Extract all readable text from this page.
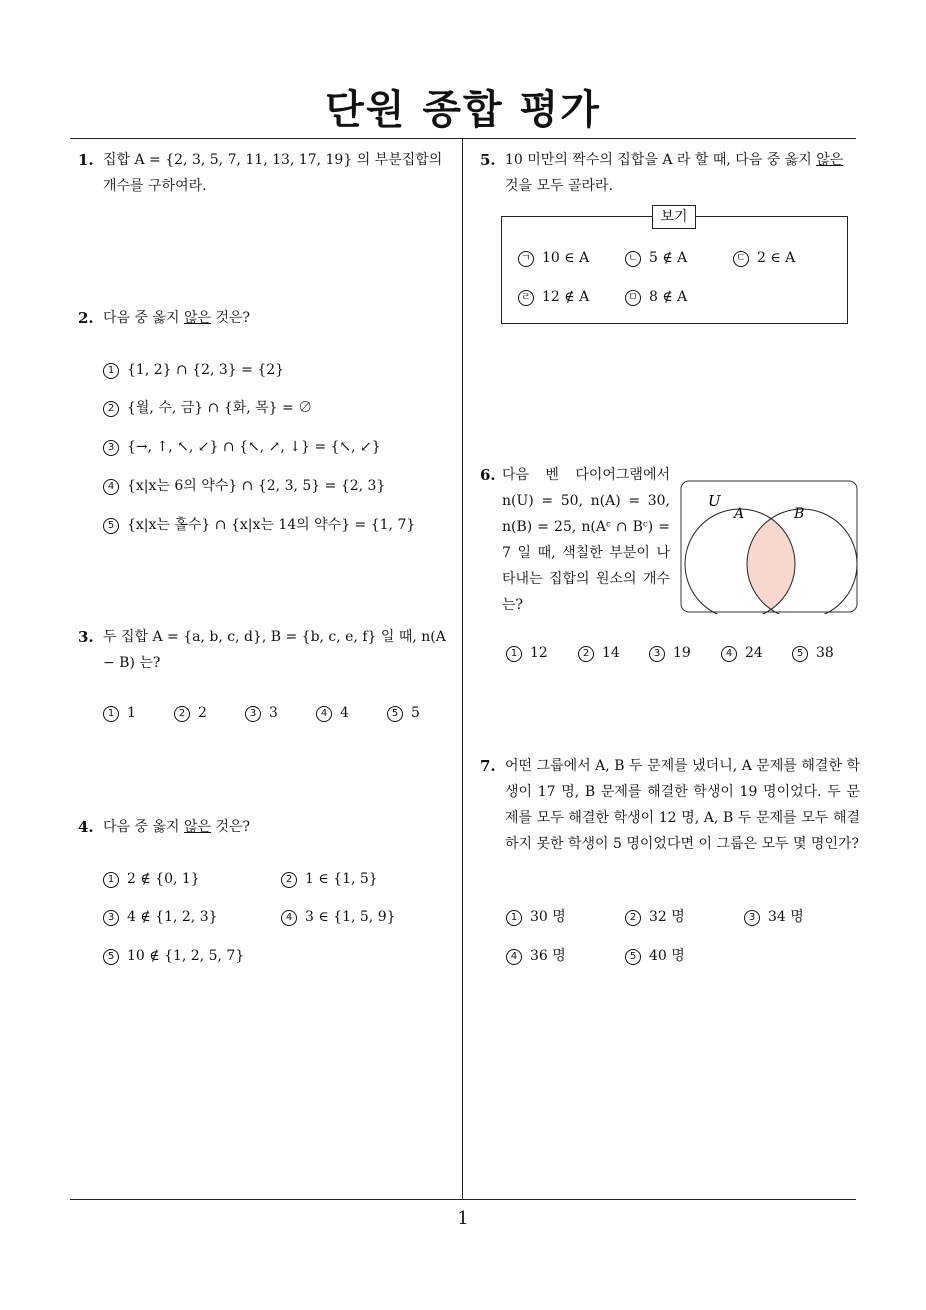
단원 종합 평가
1
1. 집합 A = {2, 3, 5, 7, 11, 13, 17, 19} 의 부분집합의 개수를 구하여라.
2. 다음 중 옳지 않은 것은?
1 {1, 2} ∩ {2, 3} = {2}
2 {월, 수, 금} ∩ {화, 목} = ∅
3 {→, ↑, ↖, ↙} ∩ {↖, ↗, ↓} = {↖, ↙}
4 {x|x는 6의 약수} ∩ {2, 3, 5} = {2, 3}
5 {x|x는 홀수} ∩ {x|x는 14의 약수} = {1, 7}
3. 두 집합 A = {a, b, c, d}, B = {b, c, e, f} 일 때, n(A − B) 는?
1 1	2 2	3 3	4 4	5 5
4. 다음 중 옳지 않은 것은?
1 2 ∉ {0, 1}	2 1 ∈ {1, 5}
3 4 ∉ {1, 2, 3}	4 3 ∈ {1, 5, 9}
5 10 ∉ {1, 2, 5, 7}
5. 10 미만의 짝수의 집합을 A 라 할 때, 다음 중 옳지 않은 것을 모두 골라라.
보기
ㄱ 10 ∈ A	ㄴ 5 ∉ A	ㄷ 2 ∈ A
ㄹ 12 ∉ A	ㅁ 8 ∉ A
6. 다음 벤 다이어그램에서 n(U) = 50, n(A) = 30, n(B) = 25, n(Aᶜ ∩ Bᶜ) = 7 일 때, 색칠한 부분이 나타내는 집합의 원소의 개수는?
U
A	B
1 12	2 14	3 19	4 24	5 38
7. 어떤 그룹에서 A, B 두 문제를 냈더니, A 문제를 해결한 학생이 17 명, B 문제를 해결한 학생이 19 명이었다. 두 문제를 모두 해결한 학생이 12 명, A, B 두 문제를 모두 해결하지 못한 학생이 5 명이었다면 이 그룹은 모두 몇 명인가?
1 30 명	2 32 명	3 34 명
4 36 명	5 40 명
